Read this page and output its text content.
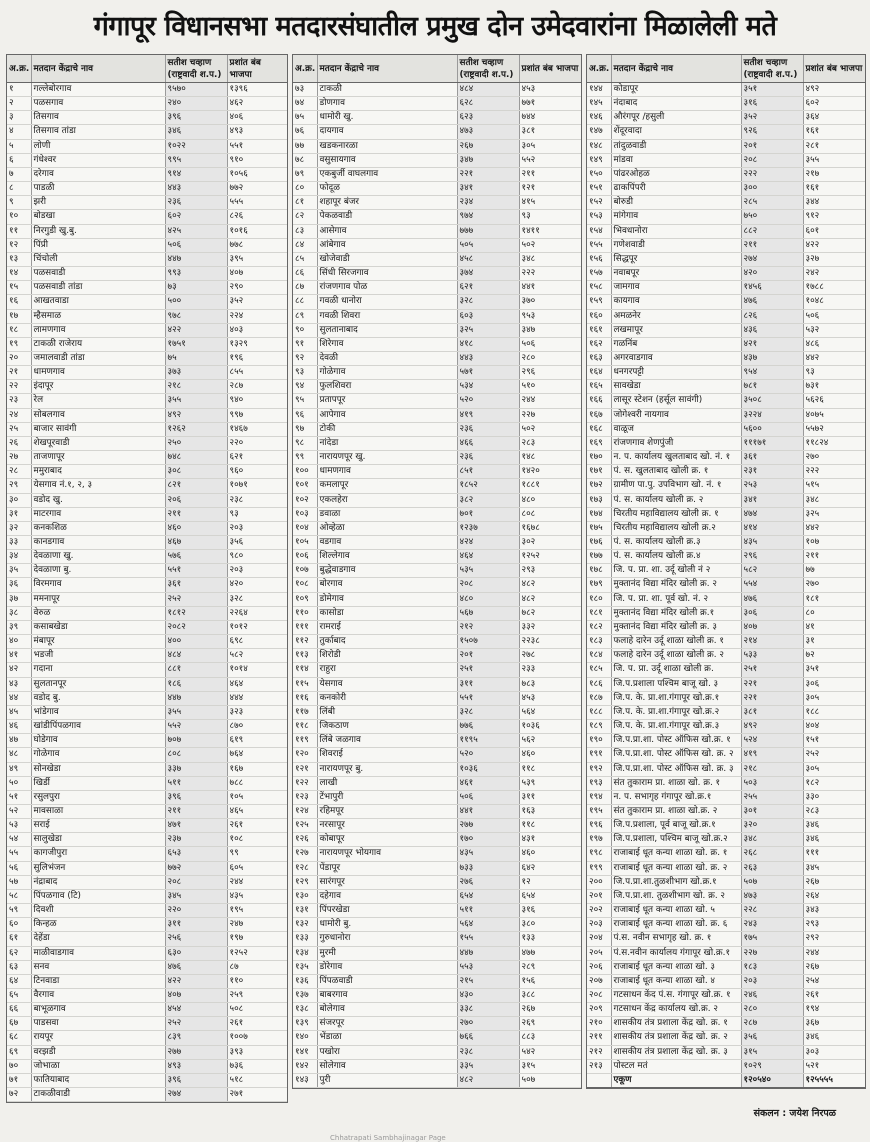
गंगापूर विधानसभा मतदारसंघातील प्रमुख दोन उमेदवारांना मिळालेली मते
अ.क्र.	मतदान केंद्राचे नाव	सतीश चव्हाण (राष्ट्रवादी श.प.)	प्रशांत बंब भाजपा
१	गल्लेबोरगाव	९५७०	१३९६
२	पळसगाव	२४०	४६२
३	तिसगाव	३९६	४०६
४	तिसगाव तांडा	३४६	४९३
५	लोणी	१०२२	५५१
६	गंधेश्वर	९९५	९१०
७	दरेगाव	९१४	१०५६
८	पाडळी	४४३	७७२
९	झरी	२३६	५५५
१०	बोडखा	६०२	८२६
११	निरगुडी खु.बु.	४२५	१०१६
१२	पिंप्री	५०६	७७८
१३	चिंचोली	४४७	३९५
१४	पळसवाडी	९९३	४०७
१५	पळसवाडी तांडा	७३	२९०
१६	आखतवाडा	५००	३५२
१७	म्हैसमाळ	९७८	२२४
१८	लामणगाव	४२२	४०३
१९	टाकळी राजेराय	१७५१	१३२९
२०	जमालवाडी तांडा	७५	१९६
२१	धामणगाव	३७३	८५५
२२	इंदापूर	२१८	२८७
२३	रेल	३५५	९४०
२४	सोबलगाव	४९२	९९७
२५	बाजार सावंगी	१२६२	१४६७
२६	शेखपूरवाडी	२५०	२२०
२७	ताजणापूर	७४८	६२१
२८	ममुराबाद	३०८	९६०
२९	येसगाव नं.१, २, ३	८२१	१०७१
३०	वडोद खु.	२०६	२३८
३१	माटरगाव	२११	९३
३२	कनकशिळ	४६०	२०३
३३	कानडगाव	४६७	३५६
३४	देवळाणा खु.	५७६	९८०
३५	देवळाणा बु.	५५१	२०३
३६	विरमगाव	३६१	४२०
३७	ममनापूर	२५२	३२८
३८	वेरुळ	१८१२	२२६४
३९	कसाबखेडा	२०८२	१०१२
४०	मंबापूर	४००	६९८
४१	भडजी	४८४	५८२
४२	गदाना	८८१	१०१४
४३	सुलतानपूर	१८६	४६४
४४	वडोद बु.	४४७	४४४
४५	भांडेगाव	३५५	३२३
४६	खांडीपिंपळगाव	५५२	८७०
४७	घोडेगाव	७०७	६१९
४८	गोळेगाव	८०८	७६४
४९	सोनखेडा	३३७	१६७
५०	खिर्डी	५११	७८८
५१	रसुलपुरा	३९६	१०५
५२	मावसाळा	२११	४६५
५३	सराई	४७१	२६१
५४	सालुखेडा	२३७	१०८
५५	कागजीपुरा	६५३	९९
५६	सुलिभंजन	७७२	६०५
५७	नंद्राबाद	२०८	२४४
५८	पिंपळगाव (टि)	३४५	४३५
५९	दिवशी	२२०	१९५
६०	किन्हळ	३११	२४७
६१	देहेंडा	२५६	१९७
६२	माळीवाडगाव	६३०	१२५२
६३	सनव	४७६	८७
६४	टिनवाडा	४२२	११०
६५	वैरगाव	४०७	२५९
६६	बाभूळगाव	४५४	५०८
६७	पाडसवा	२५२	२६१
६८	रायपूर	८३९	१००७
६९	वरझडी	२७७	३९३
७०	जोभाळा	४९३	७३६
७१	फातियाबाद	३९६	५१८
७२	टाकळीवाडी	२७४	२७१
अ.क्र.	मतदान केंद्राचे नाव	सतीश चव्हाण (राष्ट्रवादी श.प.)	प्रशांत बंब भाजपा
७३	टाकळी	४८४	४५३
७४	डोणगाव	६२८	७७१
७५	धामोरी खु.	६२३	७४४
७६	दायगाव	४७३	३८१
७७	खडकनारळा	२६७	३०५
७८	वसुसायगाव	३४७	५५२
७९	एकबुर्जी वाघलगाव	२२१	२११
८०	फोदूळ	३४१	१२१
८१	शहापूर बंजर	२३४	४१५
८२	पेकळवाडी	९७४	९३
८३	आसेगाव	७७७	१४११
८४	आंबेगाव	५०५	५०२
८५	खोजेवाडी	४५८	३४८
८६	सिंधी सिरजगाव	३७४	२२२
८७	रांजणगाव पोळ	६२१	४४१
८८	गवळी धानोरा	३२८	३७०
८९	गवळी शिवरा	६०३	९५३
९०	सुलतानाबाद	३२५	३४७
९१	शिरेगाव	४१८	५०६
९२	देवळी	४४३	२८०
९३	गोळेगाव	५७१	२९६
९४	फुलशिवरा	५३४	५१०
९५	प्रतापपूर	५२०	२४४
९६	आपेगाव	४१९	२२७
९७	टोकी	२३६	५०२
९८	नांदेडा	४६६	२८३
९९	नारायणपूर खु.	२३६	१४८
१००	धामणगाव	८५१	१४२०
१०१	कमलापूर	१८५२	१८८१
१०२	एकलहेरा	३८२	४८०
१०३	डवाळा	७०१	८०८
१०४	ओव्हेळा	१२३७	१६७८
१०५	वडगाव	४२४	३०२
१०६	शिल्लेगाव	४६४	१२५२
१०७	बुद्धेवाडगाव	५३५	२९३
१०८	बोरगाव	२०८	४८२
१०९	डोमेगाव	४८०	४८२
११०	कासोडा	५६७	७८२
१११	रामराई	२१२	३३२
११२	तुर्काबाद	१५०७	२२३८
११३	शिरोडी	२०१	२७८
११४	राहुरा	२५१	२३३
११५	येसगाव	३११	७८३
११६	कनकोरी	५५१	४५३
११७	लिंबी	३२८	५६४
११८	जिकठाण	७७६	१०३६
११९	लिंबे जळगाव	११९५	५६२
१२०	शिवराई	५२०	४६०
१२१	नारायणपूर बु.	१०३६	११८
१२२	लाखी	४६१	५३९
१२३	टेंभापुरी	५०६	३११
१२४	रहिमपूर	४४१	१६३
१२५	नरसापूर	२७७	११८
१२६	कोबापूर	१७०	४३१
१२७	नारायणपूर भोयगाव	४३५	४६०
१२८	पेंडापूर	७३३	६४२
१२९	सारंगपूर	२७६	१२
१३०	दहेगाव	६५४	६५४
१३१	पिंपरखेडा	५११	३१६
१३२	धामोरी बु.	५६४	३८०
१३३	गुरुधानोरा	१५५	१३३
१३४	मुरमी	४४७	४७७
१३५	डोरेगाव	५५३	२८९
१३६	पिंपळवाडी	२१५	१५६
१३७	बाबरगाव	४३०	३८८
१३८	बोलेगाव	३३८	२६७
१३९	संजरपूर	२७०	२६९
१४०	भेंडाळा	७६६	८८३
१४१	पखोरा	२३८	५४२
१४२	सोलेगाव	३३५	३१५
१४३	पुरी	४८२	५०७
अ.क्र.	मतदान केंद्राचे नाव	सतीश चव्हाण (राष्ट्रवादी श.प.)	प्रशांत बंब भाजपा
१४४	कोडापूर	३५१	४९२
१४५	नंदाबाद	३१६	६०२
१४६	औरंगपूर /हसुली	३५२	३६४
१४७	शेंदूरवादा	९२६	१६१
१४८	तांदुळवाडी	२०१	२८१
१४९	मांडवा	२०८	३५५
१५०	पांढरओहळ	२२२	२१७
१५१	ढाकपिंपरी	३००	१६१
१५२	बोरुडी	२८५	३४४
१५३	मांगेगाव	७५०	९१२
१५४	भिवधानोरा	८८२	६०१
१५५	गणेशवाडी	२११	४२२
१५६	सिद्धपूर	२७४	३२७
१५७	नवाबपूर	४२०	२४२
१५८	जामगाव	१४५६	१७८८
१५९	कायगाव	४७६	१०४८
१६०	अमळनेर	८२६	५०६
१६१	लखमापूर	४३६	५३२
१६२	गळनिंब	४२१	४८६
१६३	अगरवाडगाव	४३७	४४२
१६४	धनगरपट्टी	९५४	९३
१६५	सावखेडा	७८१	७३१
१६६	लासूर स्टेशन (हर्सूल सावंगी)	३५०८	५६२६
१६७	जोगेश्वरी नायगाव	३२२४	४०७५
१६८	वाळूज	५६००	५५७२
१६९	रांजणगाव शेणपुंजी	१११७१	११८२४
१७०	न. प. कार्यालय खुलताबाद खो. नं. १	३६१	२७०
१७१	पं. स. खुलताबाद खोली क्र. १	२३१	२२२
१७२	ग्रामीण पा.पु. उपविभाग खो. नं. १	२५३	५१५
१७३	पं. स. कार्यालय खोली क्र. २	३४१	३४८
१७४	चिरतीय महाविद्यालय खोली क्र. १	४७४	३२५
१७५	चिरतीय महाविद्यालय खोली क्र.२	४१४	४४२
१७६	पं. स. कार्यालय खोली क्र.३	४३५	१०७
१७७	पं. स. कार्यालय खोली क्र.४	२९६	२११
१७८	जि. प. प्रा. शा. उर्दू खोली नं २	५८२	७७
१७९	मुक्तानंद विद्या मंदिर खोली क्र. २	५५४	२७०
१८०	जि. प. प्रा. शा. पूर्व खो. नं. २	४७६	१८१
१८१	मुक्तानंद विद्या मंदिर खोली क्र.१	३०६	८०
१८२	मुक्तानंद विद्या मंदिर खोली क्र. ३	४०७	४१
१८३	फलाहे दारेन उर्दू शाळा खोली क्र. १	२१४	३१
१८४	फलाहे दारेन उर्दू शाळा खोली क्र. २	५३३	७२
१८५	जि. प. प्रा. उर्दू शाळा खोली क्र.	२५१	३५१
१८६	जि.प.प्रशाला पश्चिम बाजू खो. ३	२२१	३०६
१८७	जि.प. के. प्रा.शा.गंगापूर खो.क्र.१	२२१	३०५
१८८	जि.प. के. प्रा.शा.गंगापूर खो.क्र.२	३८१	१८८
१८९	जि.प. के. प्रा.शा.गंगापूर खो.क्र.३	४९२	४०४
१९०	जि.प.प्रा.शा. पोस्ट ऑफिस खो.क्र. १	५२४	१५१
१९१	जि.प.प्रा.शा. पोस्ट ऑफिस खो. क्र. २	४१९	२५२
१९२	जि.प.प्रा.शा. पोस्ट ऑफिस खो. क्र. ३	२१८	३०५
१९३	संत तुकाराम प्रा. शाळा खो. क्र. १	५०३	१८२
१९४	न. प. सभागृह गंगापूर खो.क्र.१	२५५	३३०
१९५	संत तुकाराम प्रा. शाळा खो.क्र. २	३०१	२८३
१९६	जि.प.प्रशाला, पूर्व बाजू खो.क्र.१	३२०	३४६
१९७	जि.प.प्रशाला, पश्चिम बाजू खो.क्र.२	३४८	३४६
१९८	राजाबाई धूत कन्या शाळा खो. क्र. १	२६८	१११
१९९	राजाबाई धूत कन्या शाळा खो. क्र. २	२६३	३४५
२००	जि.प.प्रा.शा.तुळशीभाग खो.क्र.१	५०७	२६७
२०१	जि.प.प्रा.शा. तुळशीभाग खो. क्र. २	४७३	२६४
२०२	राजाबाई धूत कन्या शाळा खो. ५	२२८	३४३
२०३	राजाबाई धूत कन्या शाळा खो. क्र. ६	२४३	२९३
२०४	पं.स. नवीन सभागृह खो. क्र. १	१७५	२९२
२०५	पं.स.नवीन कार्यालय गंगापूर खो.क्र.१	२२७	२४४
२०६	राजाबाई धूत कन्या शाळा खो. ३	१८३	२६७
२०७	राजाबाई धूत कन्या शाळा खो. ४	२०३	२५४
२०८	गटसाधन केंद पं.स. गंगापूर खो.क्र. १	२४६	२६१
२०९	गटसाधन केंद्र कार्यालय खो.क्र. २	२८०	१९४
२१०	शासकीय तंत्र प्रशाला केंद्र खो. क्र. १	२८७	३६७
२११	शासकीय तंत्र प्रशाला केंद्र खो. क्र. २	३५६	३४६
२१२	शासकीय तंत्र प्रशाला केंद्र खो. क्र. ३	३१५	३०३
२१३	पोस्टल मतं	१०२९	५२१
	एकूण	१२०५४०	१२५५५५
संकलन : जयेश निरपळ
Chhatrapati Sambhajinagar Page
